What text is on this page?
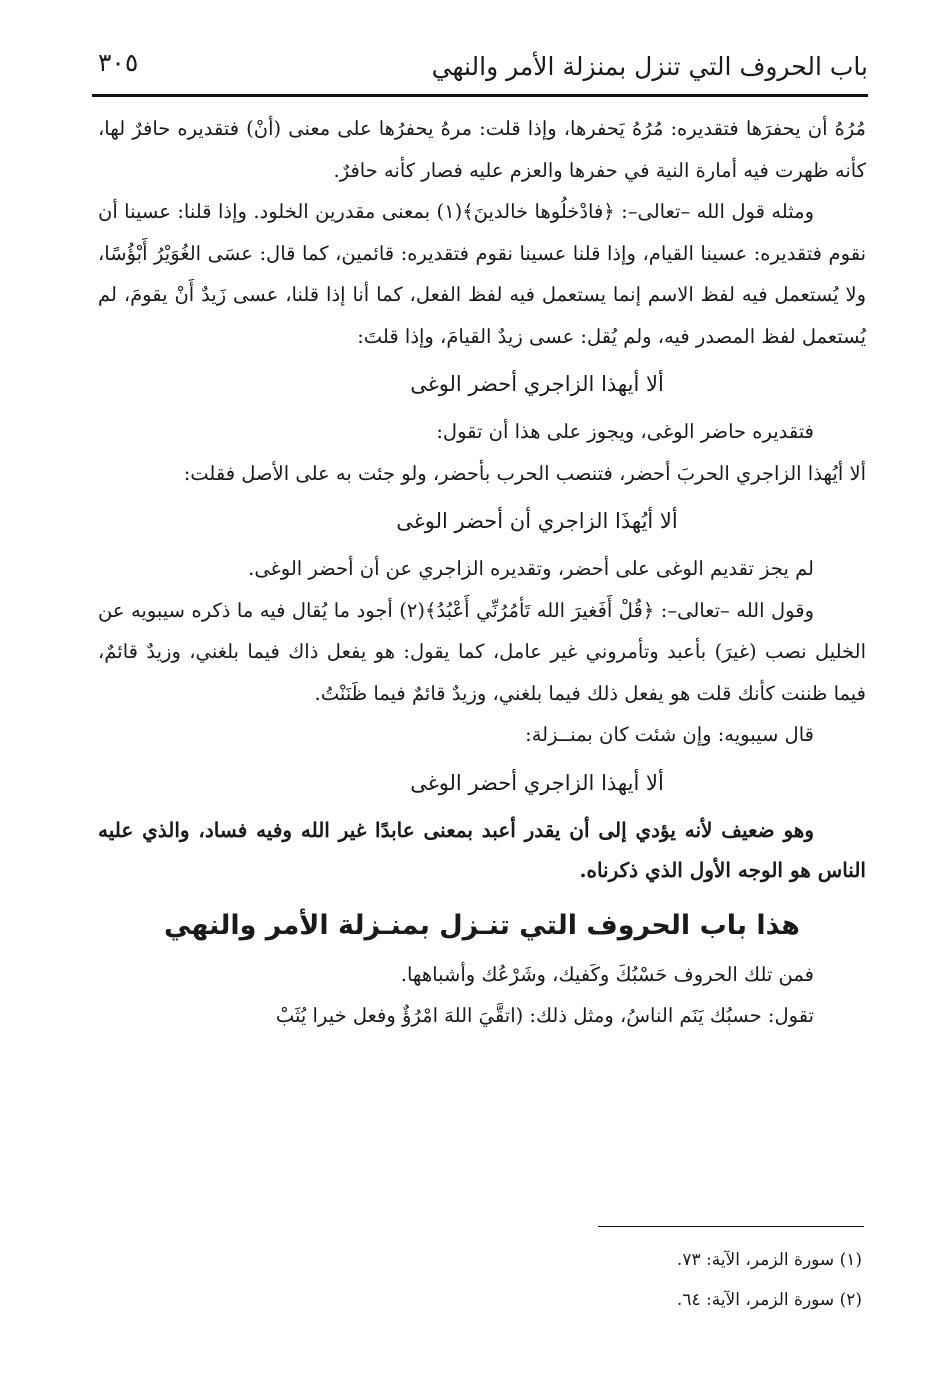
باب الحروف التي تنزل بمنزلة الأمر والنهي
٣٠٥

مُرُهُ أن يحفرَها فتقديره: مُرُهُ يَحفرها، وإذا قلت: مرهُ يحفرُها على معنى (أنْ) فتقديره حافرٌ لها، كأنه ظهرت فيه أمارة النية في حفرها والعزم عليه فصار كأنه حافرٌ.

ومثله قول الله –تعالى–: ﴿فادْخلُوها خالدينَ﴾(١) بمعنى مقدرين الخلود. وإذا قلنا: عسينا أن نقوم فتقديره: عسينا القيام، وإذا قلنا عسينا نقوم فتقديره: قائمين، كما قال: عسَى الغُوَيْرُ أَبْؤُسًا، ولا يُستعمل فيه لفظ الاسم إنما يستعمل فيه لفظ الفعل، كما أنا إذا قلنا، عسى زَيدٌ أَنْ يقومَ، لم يُستعمل لفظ المصدر فيه، ولم يُقل: عسى زيدٌ القيامَ، وإذا قلتَ:

ألا أيهذا الزاجري أحضر الوغى

فتقديره حاضر الوغى، ويجوز على هذا أن تقول:

ألا أيُهذا الزاجري الحربَ أحضر، فتنصب الحرب بأحضر، ولو جئت به على الأصل فقلت:

ألا أيُهذَا الزاجري أن أحضر الوغى

لم يجز تقديم الوغى على أحضر، وتقديره الزاجري عن أن أحضر الوغى.

وقول الله –تعالى–: ﴿قُلْ أَفَغيرَ الله تَأمُرُنِّي أَعْبُدُ﴾(٢) أجود ما يُقال فيه ما ذكره سيبويه عن الخليل نصب (غيرَ) بأعبد وتأمروني غير عامل، كما يقول: هو يفعل ذاك فيما بلغني، وزيدٌ قائمٌ، فيما ظننت كأنك قلت هو يفعل ذلك فيما بلغني، وزيدٌ قائمٌ فيما ظَنَنْتُ.

قال سيبويه: وإن شئت كان بمنــزلة:

ألا أيهذا الزاجري أحضر الوغى

وهو ضعيف لأنه يؤدي إلى أن يقدر أعبد بمعنى عابدًا غير الله وفيه فساد، والذي عليه الناس هو الوجه الأول الذي ذكرناه.

هذا باب الحروف التي تنـزل بمنـزلة الأمر والنهي

فمن تلك الحروف حَسْبُكَ وكَفيك، وشَرْعُك وأشباهها.

تقول: حسبُك يَنَم الناسُ، ومثل ذلك: (اتقَّيَ اللهَ امْرُؤٌ وفعل خيرا يُثَبْ

(١) سورة الزمر، الآية: ٧٣.
(٢) سورة الزمر، الآية: ٦٤.
